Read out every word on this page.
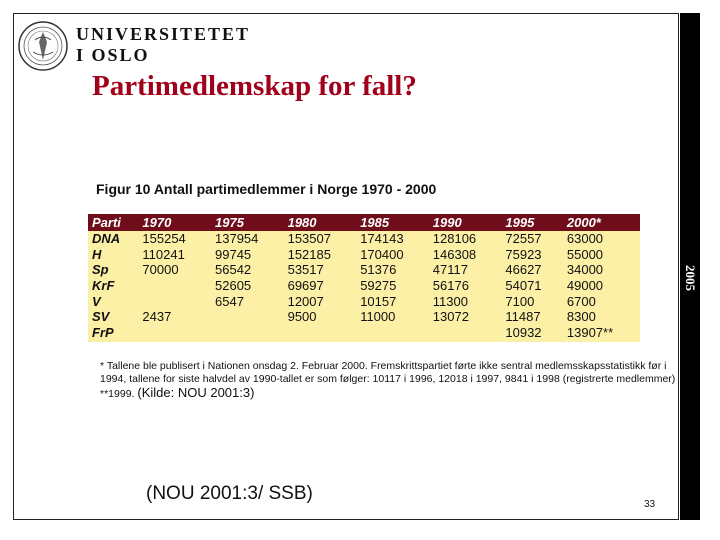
2005
UNIVERSITETET
I OSLO
Partimedlemskap for fall?
Figur 10 Antall partimedlemmer i Norge 1970 - 2000
Parti	1970	1975	1980	1985	1990	1995	2000*
DNA	155254	137954	153507	174143	128106	72557	63000
H	110241	99745	152185	170400	146308	75923	55000
Sp	70000	56542	53517	51376	47117	46627	34000
KrF		52605	69697	59275	56176	54071	49000
V		6547	12007	10157	11300	7100	6700
SV	2437		9500	11000	13072	11487	8300
FrP						10932	13907**
* Tallene ble publisert i Nationen onsdag 2. Februar 2000. Fremskrittspartiet førte ikke sentral medlemsskapsstatistikk før i
1994, tallene for siste halvdel av 1990-tallet er som følger: 10117 i 1996, 12018 i 1997, 9841 i 1998 (registrerte medlemmer)
**1999. (Kilde: NOU 2001:3)
(NOU 2001:3/ SSB)
33
